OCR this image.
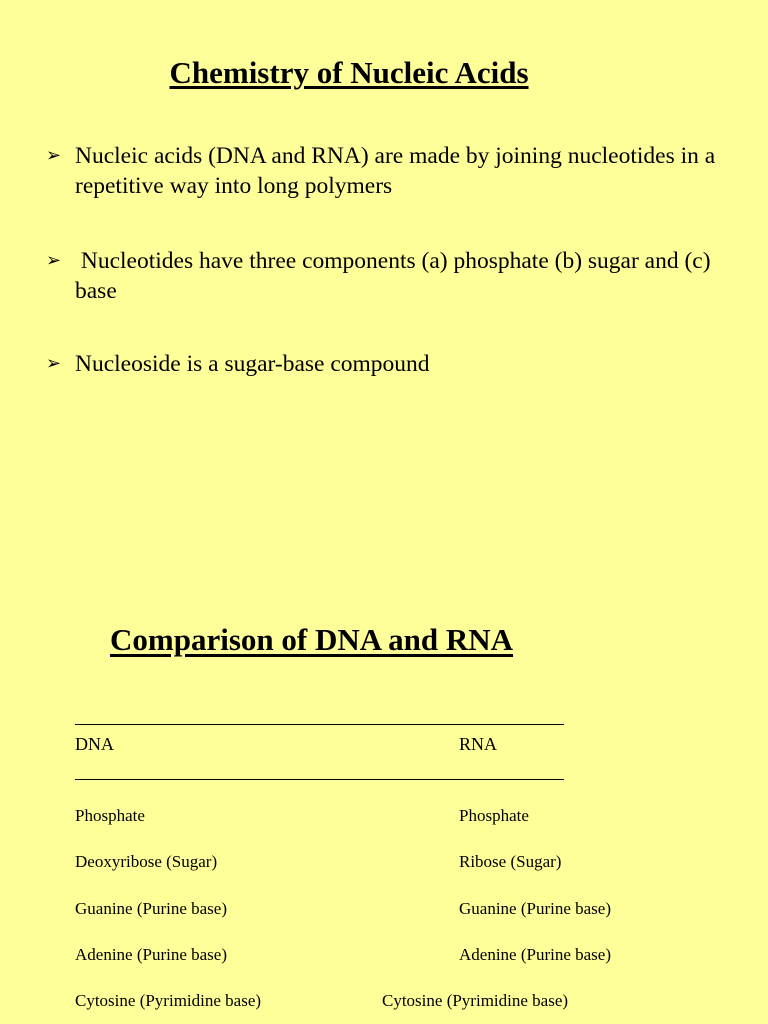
Chemistry of Nucleic Acids
➢ Nucleic acids (DNA and RNA) are made by joining nucleotides in a repetitive way into long polymers
➢ Nucleotides have three components (a) phosphate (b) sugar and (c) base
➢ Nucleoside is a sugar-base compound
Comparison of DNA and RNA
DNA	RNA
Phosphate	Phosphate
Deoxyribose (Sugar)	Ribose (Sugar)
Guanine (Purine base)	Guanine (Purine base)
Adenine (Purine base)	Adenine (Purine base)
Cytosine (Pyrimidine base)	Cytosine (Pyrimidine base)
